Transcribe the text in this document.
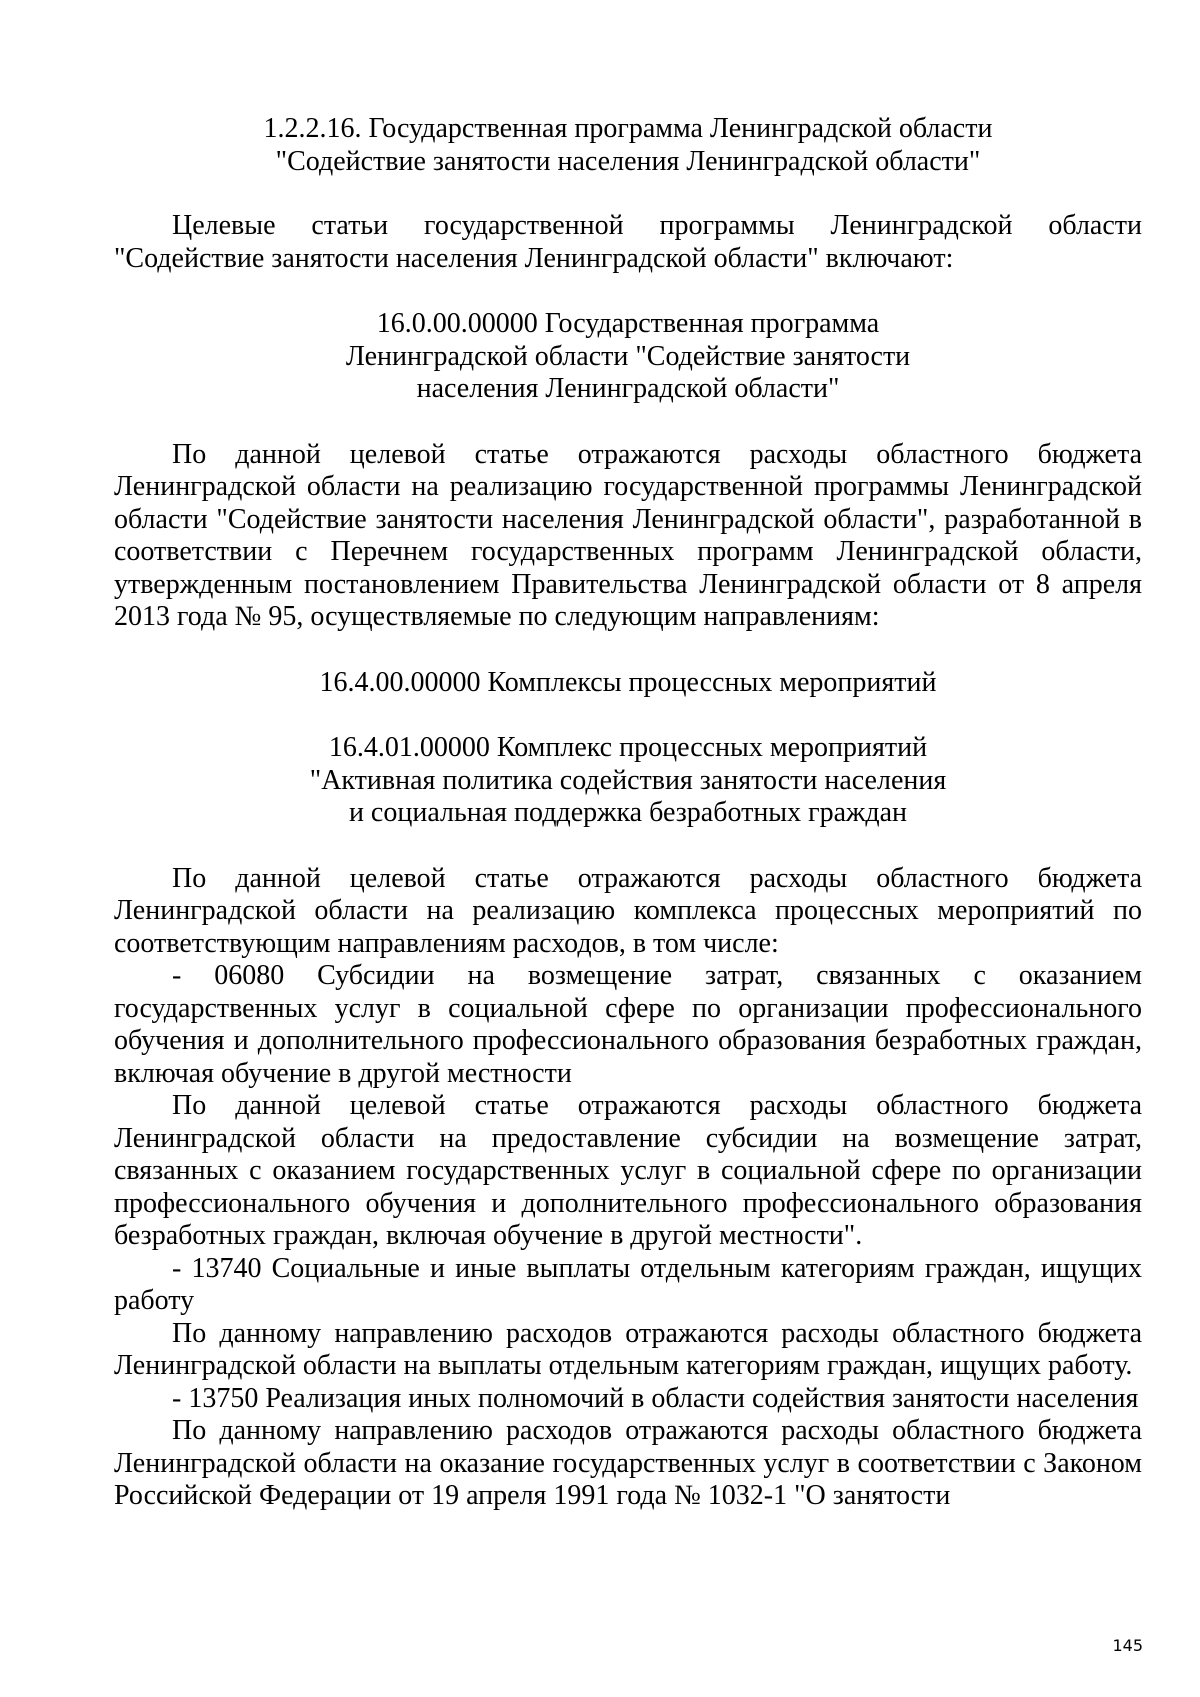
1.2.2.16. Государственная программа Ленинградской области
"Содействие занятости населения Ленинградской области"

Целевые статьи государственной программы Ленинградской области "Содействие занятости населения Ленинградской области" включают:

16.0.00.00000 Государственная программа
Ленинградской области "Содействие занятости
населения Ленинградской области"

По данной целевой статье отражаются расходы областного бюджета Ленинградской области на реализацию государственной программы Ленинградской области "Содействие занятости населения Ленинградской области", разработанной в соответствии с Перечнем государственных программ Ленинградской области, утвержденным постановлением Правительства Ленинградской области от 8 апреля 2013 года № 95, осуществляемые по следующим направлениям:

16.4.00.00000 Комплексы процессных мероприятий

16.4.01.00000 Комплекс процессных мероприятий
"Активная политика содействия занятости населения
и социальная поддержка безработных граждан

По данной целевой статье отражаются расходы областного бюджета Ленинградской области на реализацию комплекса процессных мероприятий по соответствующим направлениям расходов, в том числе:

- 06080 Субсидии на возмещение затрат, связанных с оказанием государственных услуг в социальной сфере по организации профессионального обучения и дополнительного профессионального образования безработных граждан, включая обучение в другой местности

По данной целевой статье отражаются расходы областного бюджета Ленинградской области на предоставление субсидии на возмещение затрат, связанных с оказанием государственных услуг в социальной сфере по организации профессионального обучения и дополнительного профессионального образования безработных граждан, включая обучение в другой местности".

- 13740 Социальные и иные выплаты отдельным категориям граждан, ищущих работу

По данному направлению расходов отражаются расходы областного бюджета Ленинградской области на выплаты отдельным категориям граждан, ищущих работу.

- 13750 Реализация иных полномочий в области содействия занятости населения

По данному направлению расходов отражаются расходы областного бюджета Ленинградской области на оказание государственных услуг в соответствии с Законом Российской Федерации от 19 апреля 1991 года № 1032-1 "О занятости

145
